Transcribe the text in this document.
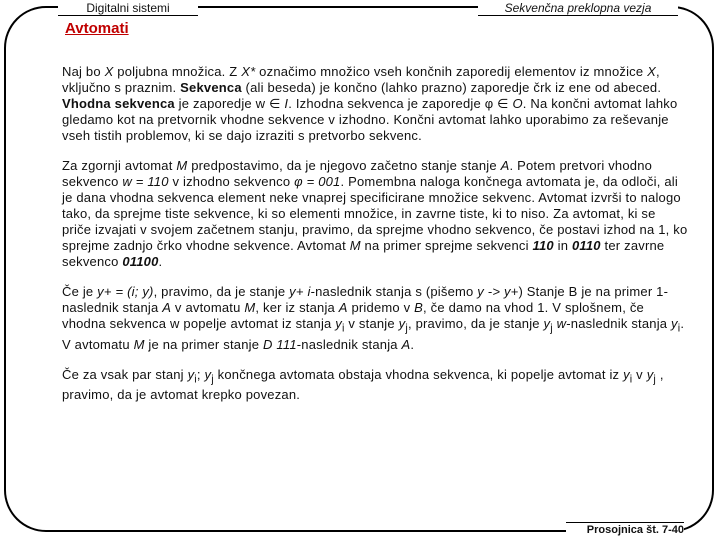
Digitalni sistemi	Sekvenčna preklopna vezja
Avtomati

Naj bo X poljubna množica. Z X* označimo množico vseh končnih zaporedij elementov iz množice X, vključno s praznim. Sekvenca (ali beseda) je končno (lahko prazno) zaporedje črk iz ene od abeced. Vhodna sekvenca je zaporedje w ∈ I. Izhodna sekvenca je zaporedje φ ∈ O. Na končni avtomat lahko gledamo kot na pretvornik vhodne sekvence v izhodno. Končni avtomat lahko uporabimo za reševanje vseh tistih problemov, ki se dajo izraziti s pretvorbo sekvenc.

Za zgornji avtomat M predpostavimo, da je njegovo začetno stanje stanje A. Potem pretvori vhodno sekvenco w = 110 v izhodno sekvenco φ = 001. Pomembna naloga končnega avtomata je, da odloči, ali je dana vhodna sekvenca element neke vnaprej specificirane množice sekvenc. Avtomat izvrši to nalogo tako, da sprejme tiste sekvence, ki so elementi množice, in zavrne tiste, ki to niso. Za avtomat, ki se priče izvajati v svojem začetnem stanju, pravimo, da sprejme vhodno sekvenco, če postavi izhod na 1, ko sprejme zadnjo črko vhodne sekvence. Avtomat M na primer sprejme sekvenci 110 in 0110 ter zavrne sekvenco 01100.

Če je y+ = (i; y), pravimo, da je stanje y+ i-naslednik stanja s (pišemo y -> y+) Stanje B je na primer 1-naslednik stanja A v avtomatu M, ker iz stanja A pridemo v B, če damo na vhod 1. V splošnem, če vhodna sekvenca w popelje avtomat iz stanja $y_i$ v stanje $y_j$, pravimo, da je stanje $y_j$ w-naslednik stanja $y_i$. V avtomatu M je na primer stanje D 111-naslednik stanja A.

Če za vsak par stanj $y_i$; $y_j$ končnega avtomata obstaja vhodna sekvenca, ki popelje avtomat iz $y_i$ v $y_j$ , pravimo, da je avtomat krepko povezan.

Prosojnica št. 7-40
